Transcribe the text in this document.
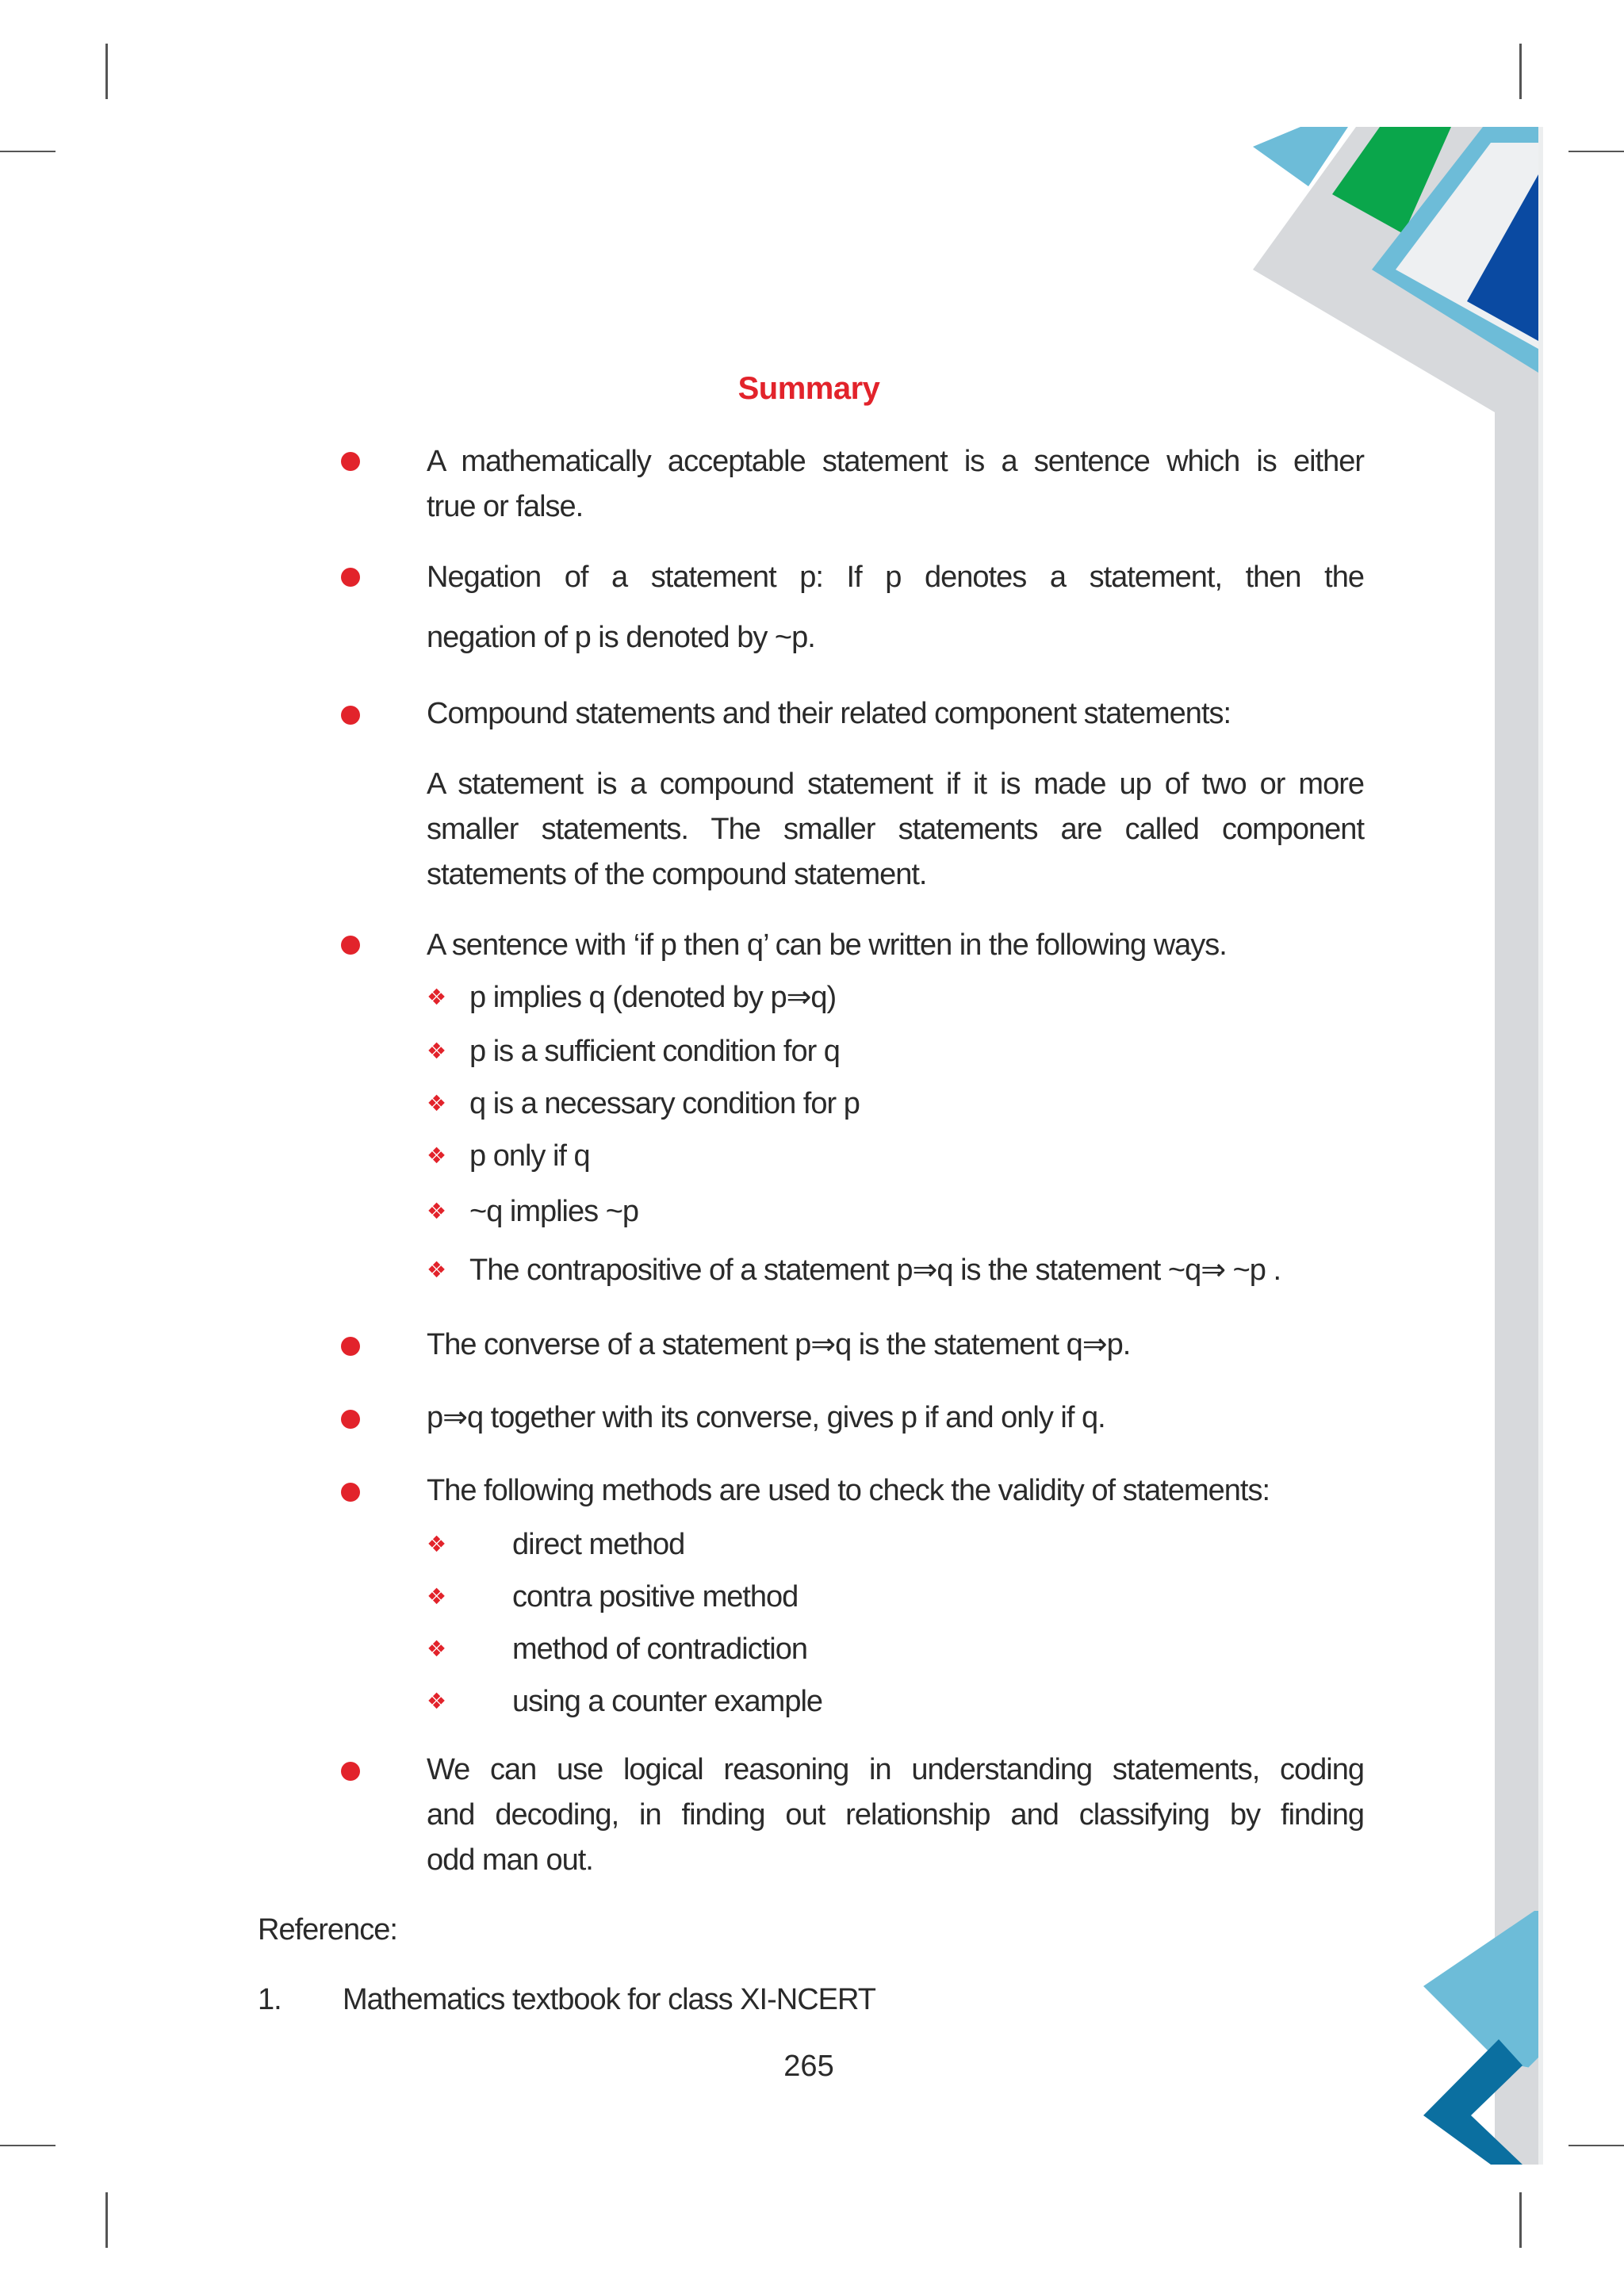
Summary
A mathematically acceptable statement is a sentence which is either
true or false.
Negation of a statement p: If p denotes a statement, then the
negation of p is denoted by ~p.
Compound statements and their related component statements:
A statement is a compound statement if it is made up of two or more
smaller statements. The smaller statements are called component
statements of the compound statement.
A sentence with ‘if p then q’ can be written in the following ways.
❖ p implies q (denoted by p⇒q)
❖ p is a sufficient condition for q
❖ q is a necessary condition for p
❖ p only if q
❖ ~q implies ~p
❖ The contrapositive of a statement p⇒q is the statement ~q⇒ ~p .
The converse of a statement p⇒q is the statement q⇒p.
p⇒q together with its converse, gives p if and only if q.
The following methods are used to check the validity of statements:
❖ direct method
❖ contra positive method
❖ method of contradiction
❖ using a counter example
We can use logical reasoning in understanding statements, coding
and decoding, in finding out relationship and classifying by finding
odd man out.
Reference:
1. Mathematics textbook for class XI-NCERT
265
